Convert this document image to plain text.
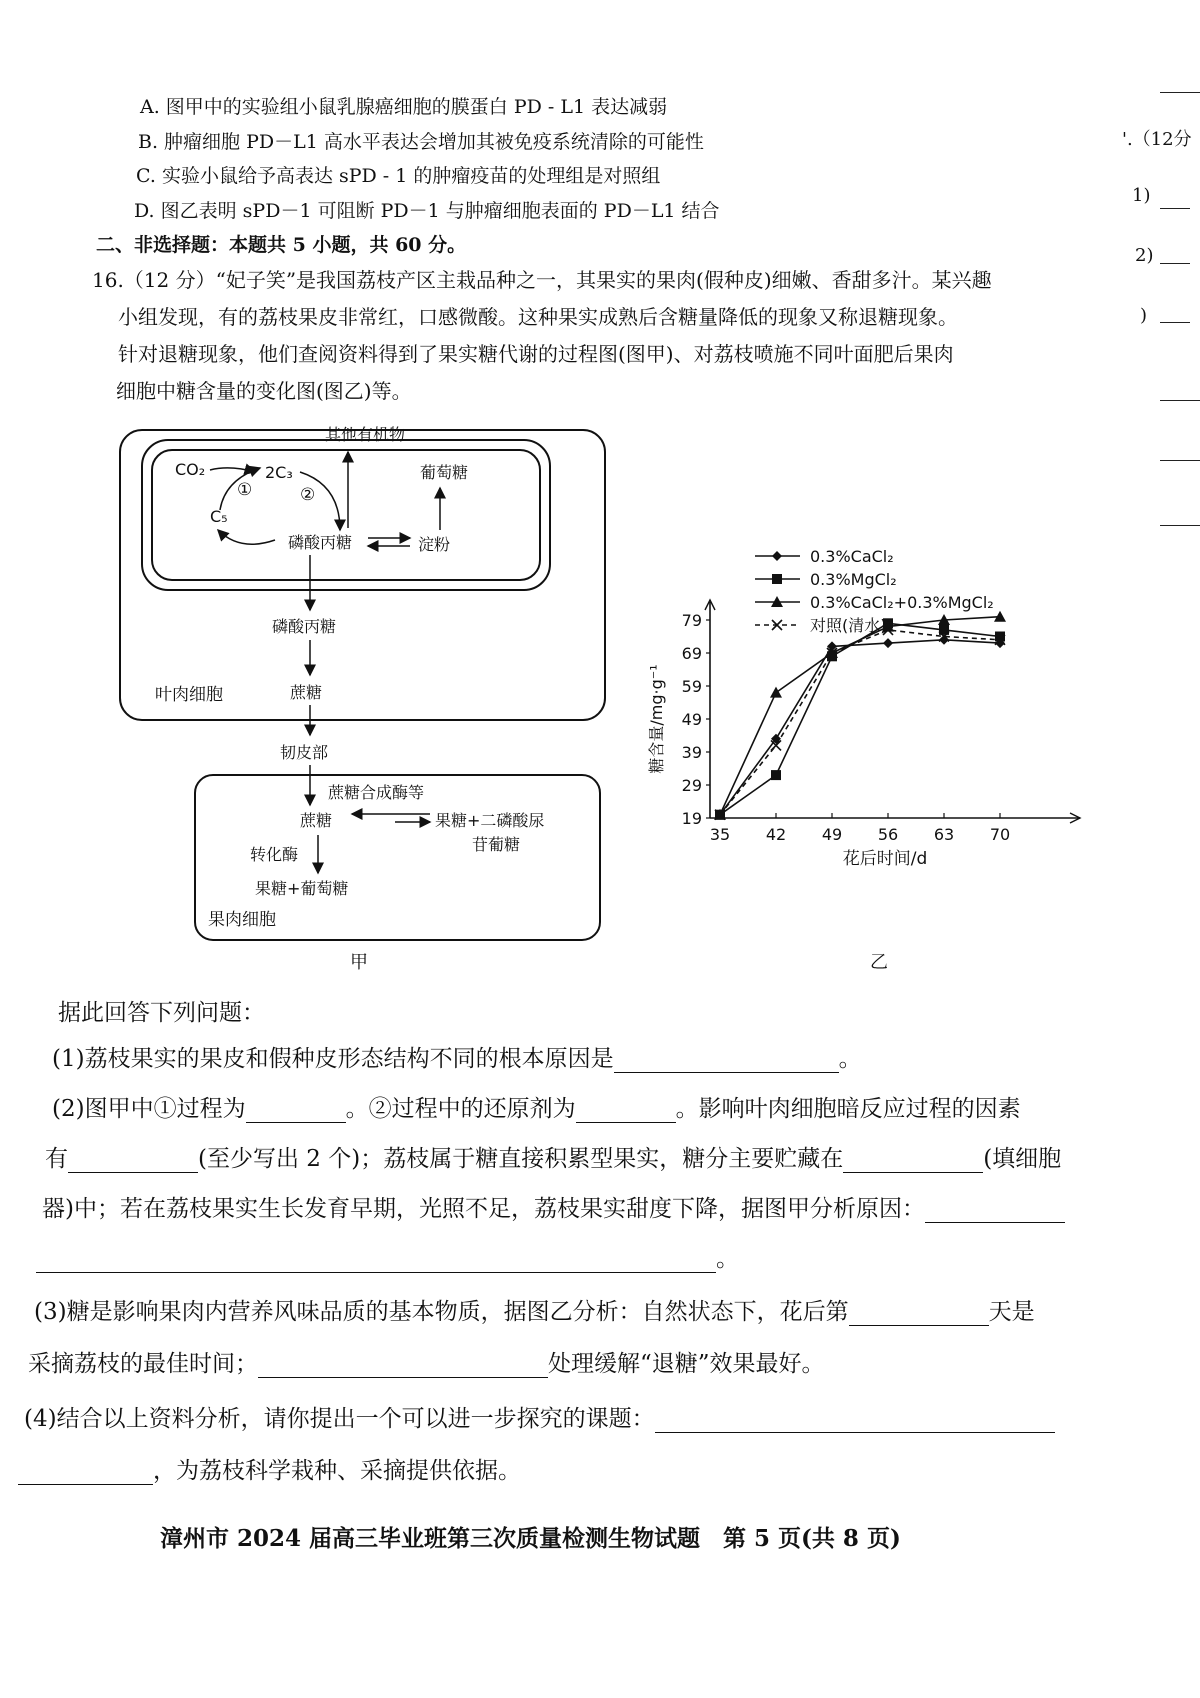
A. 图甲中的实验组小鼠乳腺癌细胞的膜蛋白 PD - L1 表达减弱
B. 肿瘤细胞 PD－L1 高水平表达会增加其被免疫系统清除的可能性
C. 实验小鼠给予高表达 sPD - 1 的肿瘤疫苗的处理组是对照组
D. 图乙表明 sPD－1 可阻断 PD－1 与肿瘤细胞表面的 PD－L1 结合
二、非选择题：本题共 5 小题，共 60 分。
16.（12 分）“妃子笑”是我国荔枝产区主栽品种之一，其果实的果肉(假种皮)细嫩、香甜多汁。某兴趣
小组发现，有的荔枝果皮非常红，口感微酸。这种果实成熟后含糖量降低的现象又称退糖现象。
针对退糖现象，他们查阅资料得到了果实糖代谢的过程图(图甲)、对荔枝喷施不同叶面肥后果肉
细胞中糖含量的变化图(图乙)等。
CO₂	2C₃
C₅
①	②
其他有机物
葡萄糖
磷酸丙糖	淀粉
磷酸丙糖
蔗糖
叶肉细胞
韧皮部
蔗糖合成酶等
蔗糖	果糖+二磷酸尿
苷葡糖
转化酶
果糖+葡萄糖
果肉细胞
甲
19
29
39
49
59
69
79
35 42 49 56 63 70
花后时间/d
糖含量/mg·g⁻¹
0.3%CaCl₂
0.3%MgCl₂
0.3%CaCl₂+0.3%MgCl₂
对照(清水)
乙
据此回答下列问题：
(1)荔枝果实的果皮和假种皮形态结构不同的根本原因是	。
(2)图甲中①过程为	。②过程中的还原剂为	。影响叶肉细胞暗反应过程的因素
有	(至少写出 2 个)；荔枝属于糖直接积累型果实，糖分主要贮藏在	(填细胞
器)中；若在荔枝果实生长发育早期，光照不足，荔枝果实甜度下降，据图甲分析原因：
。
(3)糖是影响果肉内营养风味品质的基本物质，据图乙分析：自然状态下，花后第	天是
采摘荔枝的最佳时间；	处理缓解“退糖”效果最好。
(4)结合以上资料分析，请你提出一个可以进一步探究的课题：
，为荔枝科学栽种、采摘提供依据。
漳州市 2024 届高三毕业班第三次质量检测生物试题　第 5 页(共 8 页)
'.（12分
1)
2)
)
